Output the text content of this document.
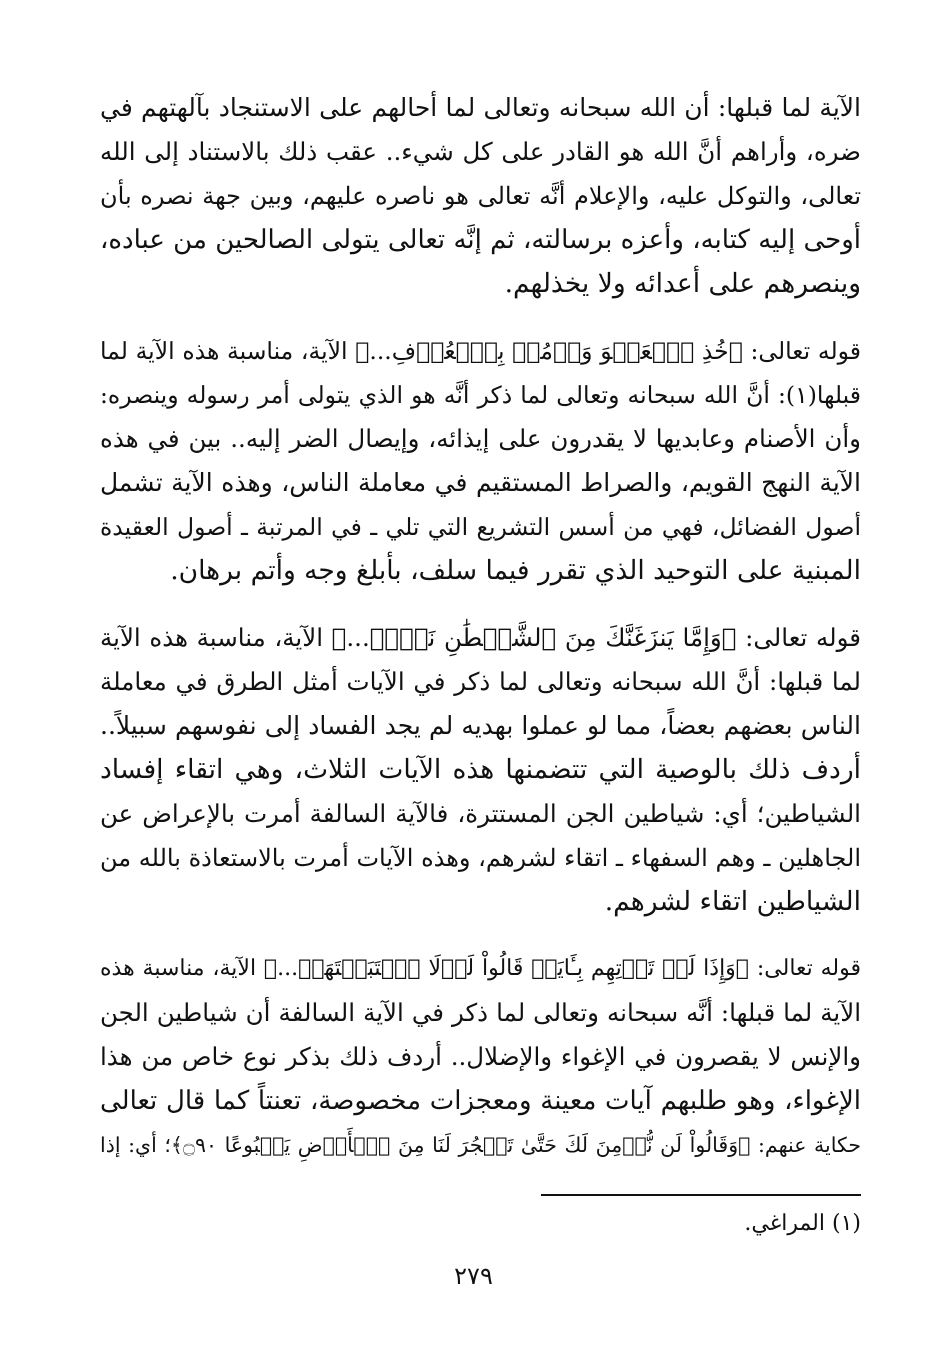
الآية لما قبلها: أن الله سبحانه وتعالى لما أحالهم على الاستنجاد بآلهتهم في
ضره، وأراهم أنَّ الله هو القادر على كل شيء.. عقب ذلك بالاستناد إلى الله
تعالى، والتوكل عليه، والإعلام أنَّه تعالى هو ناصره عليهم، وبين جهة نصره بأن
أوحى إليه كتابه، وأعزه برسالته، ثم إنَّه تعالى يتولى الصالحين من عباده،
وينصرهم على أعدائه ولا يخذلهم.
قوله تعالى: ﴿خُذِ ٱلۡعَفۡوَ وَأۡمُرۡ بِٱلۡعُرۡفِ...﴾ الآية، مناسبة هذه الآية لما
قبلها(١): أنَّ الله سبحانه وتعالى لما ذكر أنَّه هو الذي يتولى أمر رسوله وينصره:
وأن الأصنام وعابديها لا يقدرون على إيذائه، وإيصال الضر إليه.. بين في هذه
الآية النهج القويم، والصراط المستقيم في معاملة الناس، وهذه الآية تشمل
أصول الفضائل، فهي من أسس التشريع التي تلي ـ في المرتبة ـ أصول العقيدة
المبنية على التوحيد الذي تقرر فيما سلف، بأبلغ وجه وأتم برهان.
قوله تعالى: ﴿وَإِمَّا يَنزَغَنَّكَ مِنَ ٱلشَّيۡطَٰنِ نَزۡغٞ...﴾ الآية، مناسبة هذه الآية
لما قبلها: أنَّ الله سبحانه وتعالى لما ذكر في الآيات أمثل الطرق في معاملة
الناس بعضهم بعضاً، مما لو عملوا بهديه لم يجد الفساد إلى نفوسهم سبيلاً..
أردف ذلك بالوصية التي تتضمنها هذه الآيات الثلاث، وهي اتقاء إفساد
الشياطين؛ أي: شياطين الجن المستترة، فالآية السالفة أمرت بالإعراض عن
الجاهلين ـ وهم السفهاء ـ اتقاء لشرهم، وهذه الآيات أمرت بالاستعاذة بالله من
الشياطين اتقاء لشرهم.
قوله تعالى: ﴿وَإِذَا لَمۡ تَأۡتِهِم بِـَٔايَةٖ قَالُواْ لَوۡلَا ٱجۡتَبَيۡتَهَاۚ...﴾ الآية، مناسبة هذه
الآية لما قبلها: أنَّه سبحانه وتعالى لما ذكر في الآية السالفة أن شياطين الجن
والإنس لا يقصرون في الإغواء والإضلال.. أردف ذلك بذكر نوع خاص من هذا
الإغواء، وهو طلبهم آيات معينة ومعجزات مخصوصة، تعنتاً كما قال تعالى
حكاية عنهم: ﴿وَقَالُواْ لَن نُّؤۡمِنَ لَكَ حَتَّىٰ تَفۡجُرَ لَنَا مِنَ ٱلۡأَرۡضِ يَنۢبُوعًا ۝٩٠﴾؛ أي: إذا
(١) المراغي.
٢٧٩
